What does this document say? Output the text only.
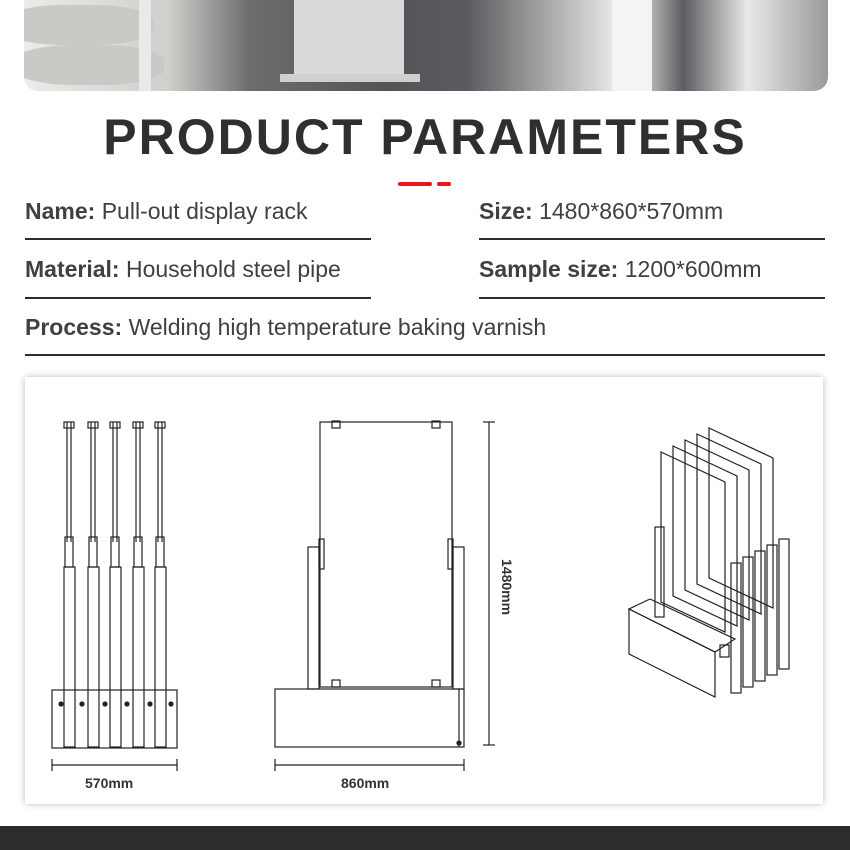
PRODUCT PARAMETERS
Name: Pull-out display rack	Size: 1480*860*570mm
Material: Household steel pipe	Sample size: 1200*600mm
Process: Welding high temperature baking varnish
570mm	860mm
1480mm
